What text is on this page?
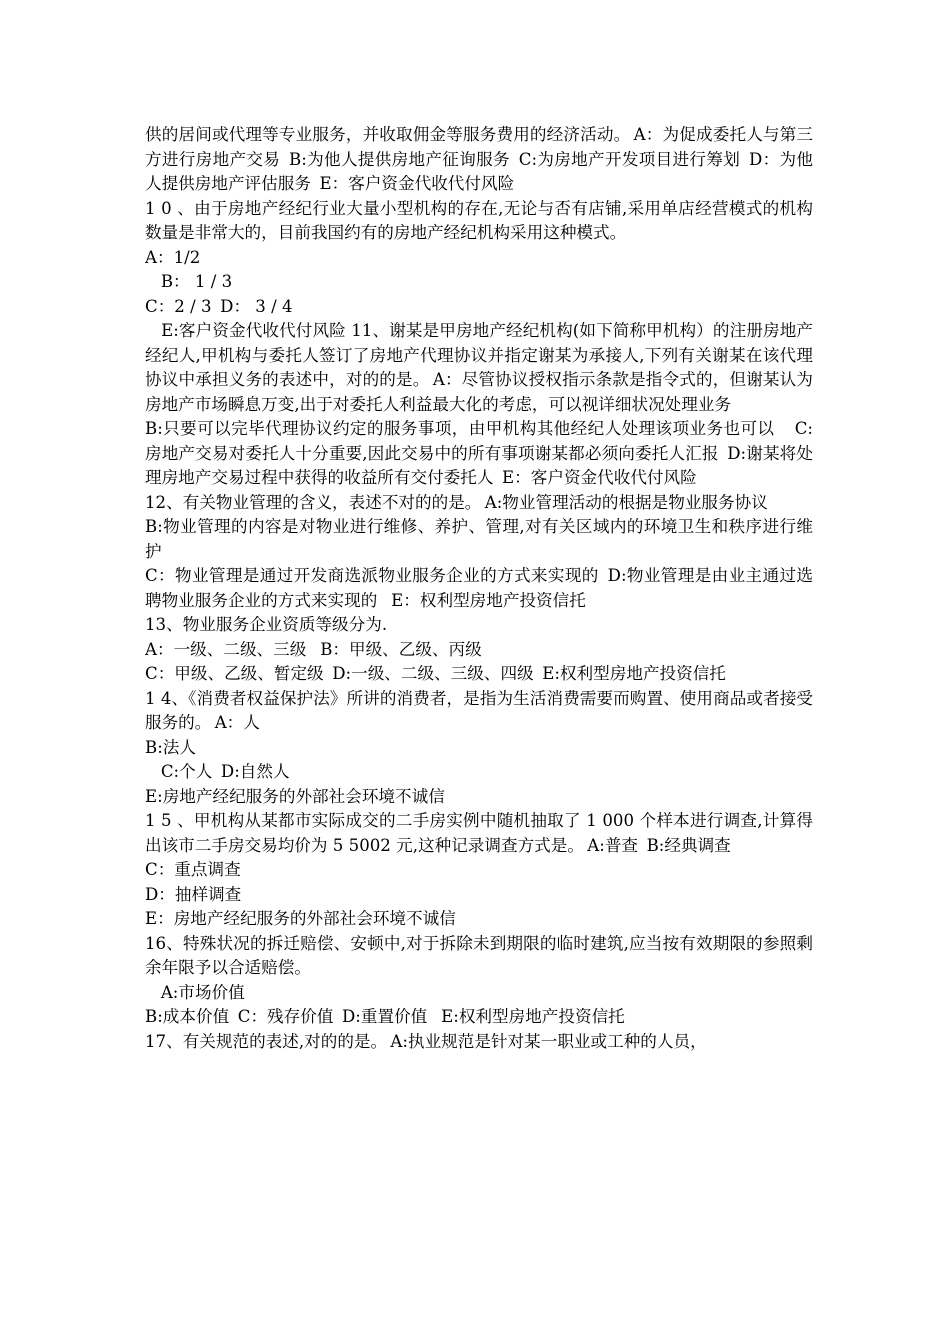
供的居间或代理等专业服务，并收取佣金等服务费用的经济活动。 A：为促成委托人与第三方进行房地产交易  B:为他人提供房地产征询服务  C:为房地产开发项目进行筹划  D：为他人提供房地产评估服务  E：客户资金代收代付风险

1 0 、由于房地产经纪行业大量小型机构的存在,无论与否有店铺,采用单店经营模式的机构数量是非常大的，目前我国约有的房地产经纪机构采用这种模式。

A：1/2

B： 1 / 3

C：2 / 3  D： 3 / 4

E:客户资金代收代付风险 11、谢某是甲房地产经纪机构(如下简称甲机构）的注册房地产经纪人,甲机构与委托人签订了房地产代理协议并指定谢某为承接人,下列有关谢某在该代理协议中承担义务的表述中，对的的是。 A：尽管协议授权指示条款是指令式的，但谢某认为房地产市场瞬息万变,出于对委托人利益最大化的考虑，可以视详细状况处理业务

B:只要可以完毕代理协议约定的服务事项，由甲机构其他经纪人处理该项业务也可以    C:房地产交易对委托人十分重要,因此交易中的所有事项谢某都必须向委托人汇报  D:谢某将处理房地产交易过程中获得的收益所有交付委托人  E：客户资金代收代付风险

12、有关物业管理的含义，表述不对的的是。 A:物业管理活动的根据是物业服务协议

B:物业管理的内容是对物业进行维修、养护、管理,对有关区域内的环境卫生和秩序进行维护

C：物业管理是通过开发商选派物业服务企业的方式来实现的  D:物业管理是由业主通过选聘物业服务企业的方式来实现的   E：权利型房地产投资信托

13、物业服务企业资质等级分为.

A：一级、二级、三级   B：甲级、乙级、丙级

C：甲级、乙级、暂定级  D:一级、二级、三级、四级  E:权利型房地产投资信托

1 4、《消费者权益保护法》所讲的消费者，是指为生活消费需要而购置、使用商品或者接受服务的。 A：人

B:法人

C:个人  D:自然人

E:房地产经纪服务的外部社会环境不诚信

1 5 、甲机构从某都市实际成交的二手房实例中随机抽取了 1 000 个样本进行调查,计算得出该市二手房交易均价为 5 5002 元,这种记录调查方式是。 A:普查  B:经典调查

C：重点调查

D：抽样调查

E：房地产经纪服务的外部社会环境不诚信

16、特殊状况的拆迁赔偿、安顿中,对于拆除未到期限的临时建筑,应当按有效期限的参照剩余年限予以合适赔偿。

A:市场价值

B:成本价值  C：残存价值  D:重置价值   E:权利型房地产投资信托

17、有关规范的表述,对的的是。 A:执业规范是针对某一职业或工种的人员，
